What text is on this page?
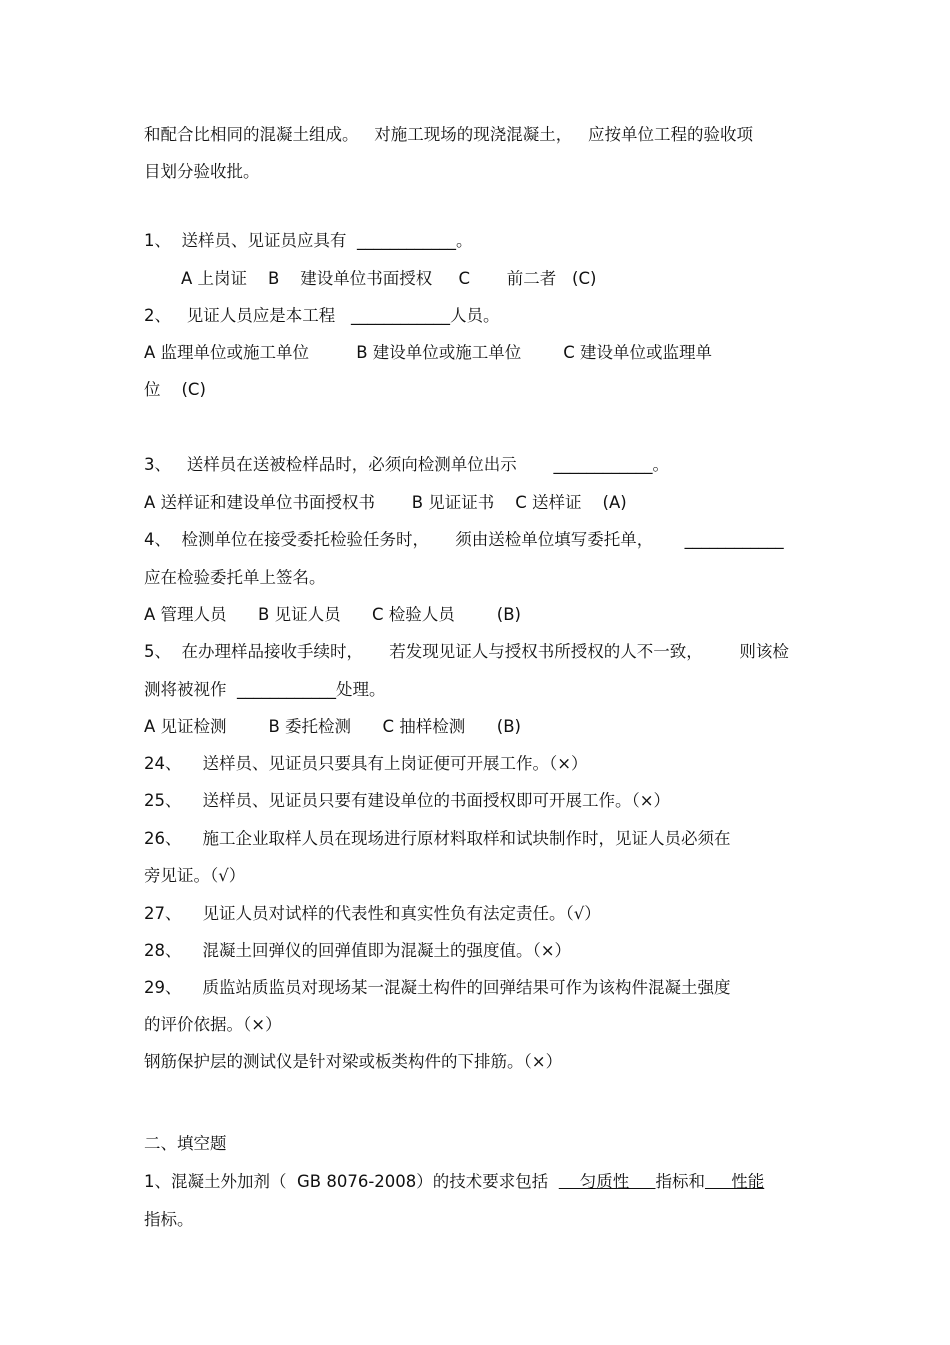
和配合比相同的混凝土组成。   对施工现场的现浇混凝土，   应按单位工程的验收项
目划分验收批。
1、  送样员、见证员应具有  ____________。
A 上岗证    B    建设单位书面授权     C       前二者   (C)
2、   见证人员应是本工程   ____________人员。
A 监理单位或施工单位         B 建设单位或施工单位        C 建设单位或监理单
位    (C)
3、   送样员在送被检样品时，必须向检测单位出示       ____________。
A 送样证和建设单位书面授权书       B 见证证书    C 送样证    (A)
4、  检测单位在接受委托检验任务时，     须由送检单位填写委托单，      ____________
应在检验委托单上签名。
A 管理人员      B 见证人员      C 检验人员        (B)
5、  在办理样品接收手续时，     若发现见证人与授权书所授权的人不一致，       则该检
测将被视作  ____________处理。
A 见证检测        B 委托检测      C 抽样检测      (B)
24、    送样员、见证员只要具有上岗证便可开展工作。（×）
25、    送样员、见证员只要有建设单位的书面授权即可开展工作。（×）
26、    施工企业取样人员在现场进行原材料取样和试块制作时，见证人员必须在
旁见证。（√）
27、    见证人员对试样的代表性和真实性负有法定责任。（√）
28、    混凝土回弹仪的回弹值即为混凝土的强度值。（×）
29、    质监站质监员对现场某一混凝土构件的回弹结果可作为该构件混凝土强度
的评价依据。（×）
钢筋保护层的测试仪是针对梁或板类构件的下排筋。（×）
二、填空题
1、混凝土外加剂（  GB 8076-2008）的技术要求包括      匀质性     指标和     性能
指标。
